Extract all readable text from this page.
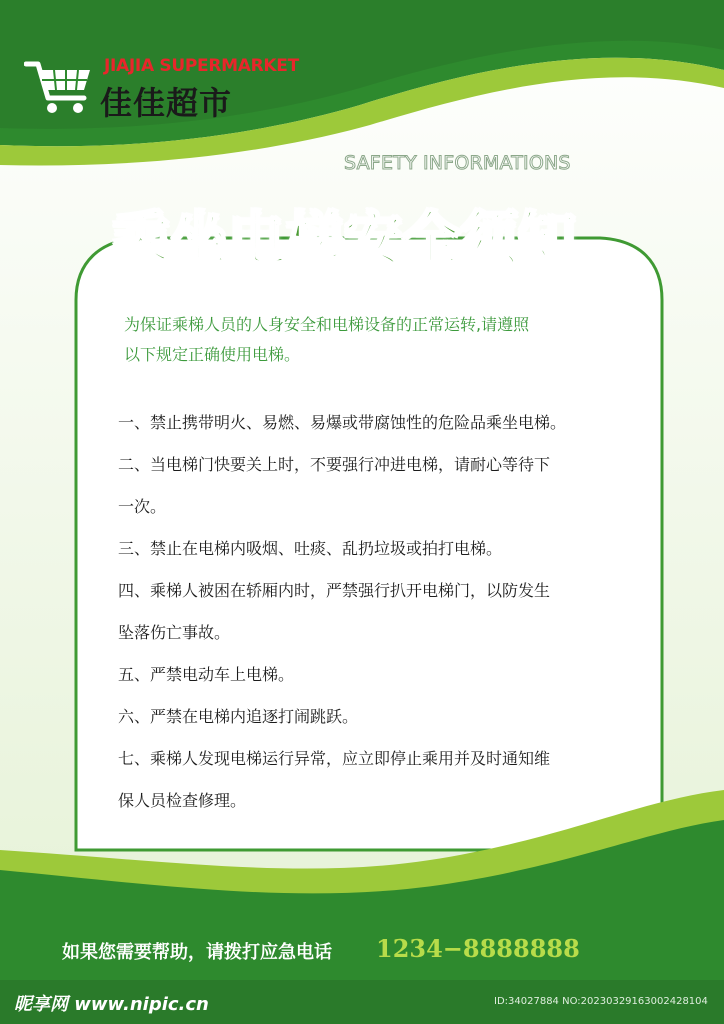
JIAJIA SUPERMARKET
佳佳超市
SAFETY INFORMATIONS
乘坐电梯安全须知

为保证乘梯人员的人身安全和电梯设备的正常运转,请遵照

以下规定正确使用电梯。

一、禁止携带明火、易燃、易爆或带腐蚀性的危险品乘坐电梯。

二、当电梯门快要关上时，不要强行冲进电梯，请耐心等待下

一次。

三、禁止在电梯内吸烟、吐痰、乱扔垃圾或拍打电梯。

四、乘梯人被困在轿厢内时，严禁强行扒开电梯门，以防发生

坠落伤亡事故。

五、严禁电动车上电梯。

六、严禁在电梯内追逐打闹跳跃。

七、乘梯人发现电梯运行异常，应立即停止乘用并及时通知维

保人员检查修理。

如果您需要帮助，请拨打应急电话 1234−8888888
昵享网 www.nipic.cn	ID:34027884 NO:20230329163002428104
